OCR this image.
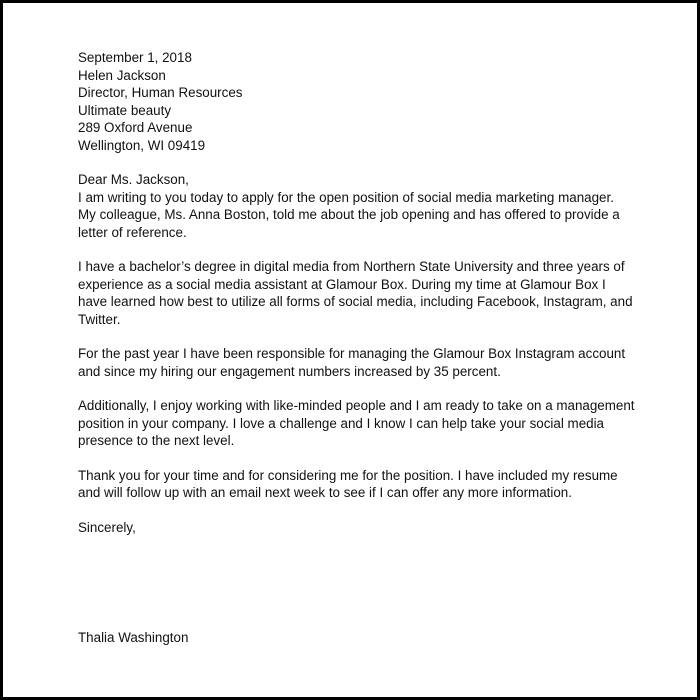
September 1, 2018

Helen Jackson

Director, Human Resources

Ultimate beauty

289 Oxford Avenue

Wellington, WI 09419

Dear Ms. Jackson,

I am writing to you today to apply for the open position of social media marketing manager.

My colleague, Ms. Anna Boston, told me about the job opening and has offered to provide a

letter of reference.

I have a bachelor’s degree in digital media from Northern State University and three years of

experience as a social media assistant at Glamour Box. During my time at Glamour Box I

have learned how best to utilize all forms of social media, including Facebook, Instagram, and

Twitter.

For the past year I have been responsible for managing the Glamour Box Instagram account

and since my hiring our engagement numbers increased by 35 percent.

Additionally, I enjoy working with like-minded people and I am ready to take on a management

position in your company. I love a challenge and I know I can help take your social media

presence to the next level.

Thank you for your time and for considering me for the position. I have included my resume

and will follow up with an email next week to see if I can offer any more information.

Sincerely,

Thalia Washington
